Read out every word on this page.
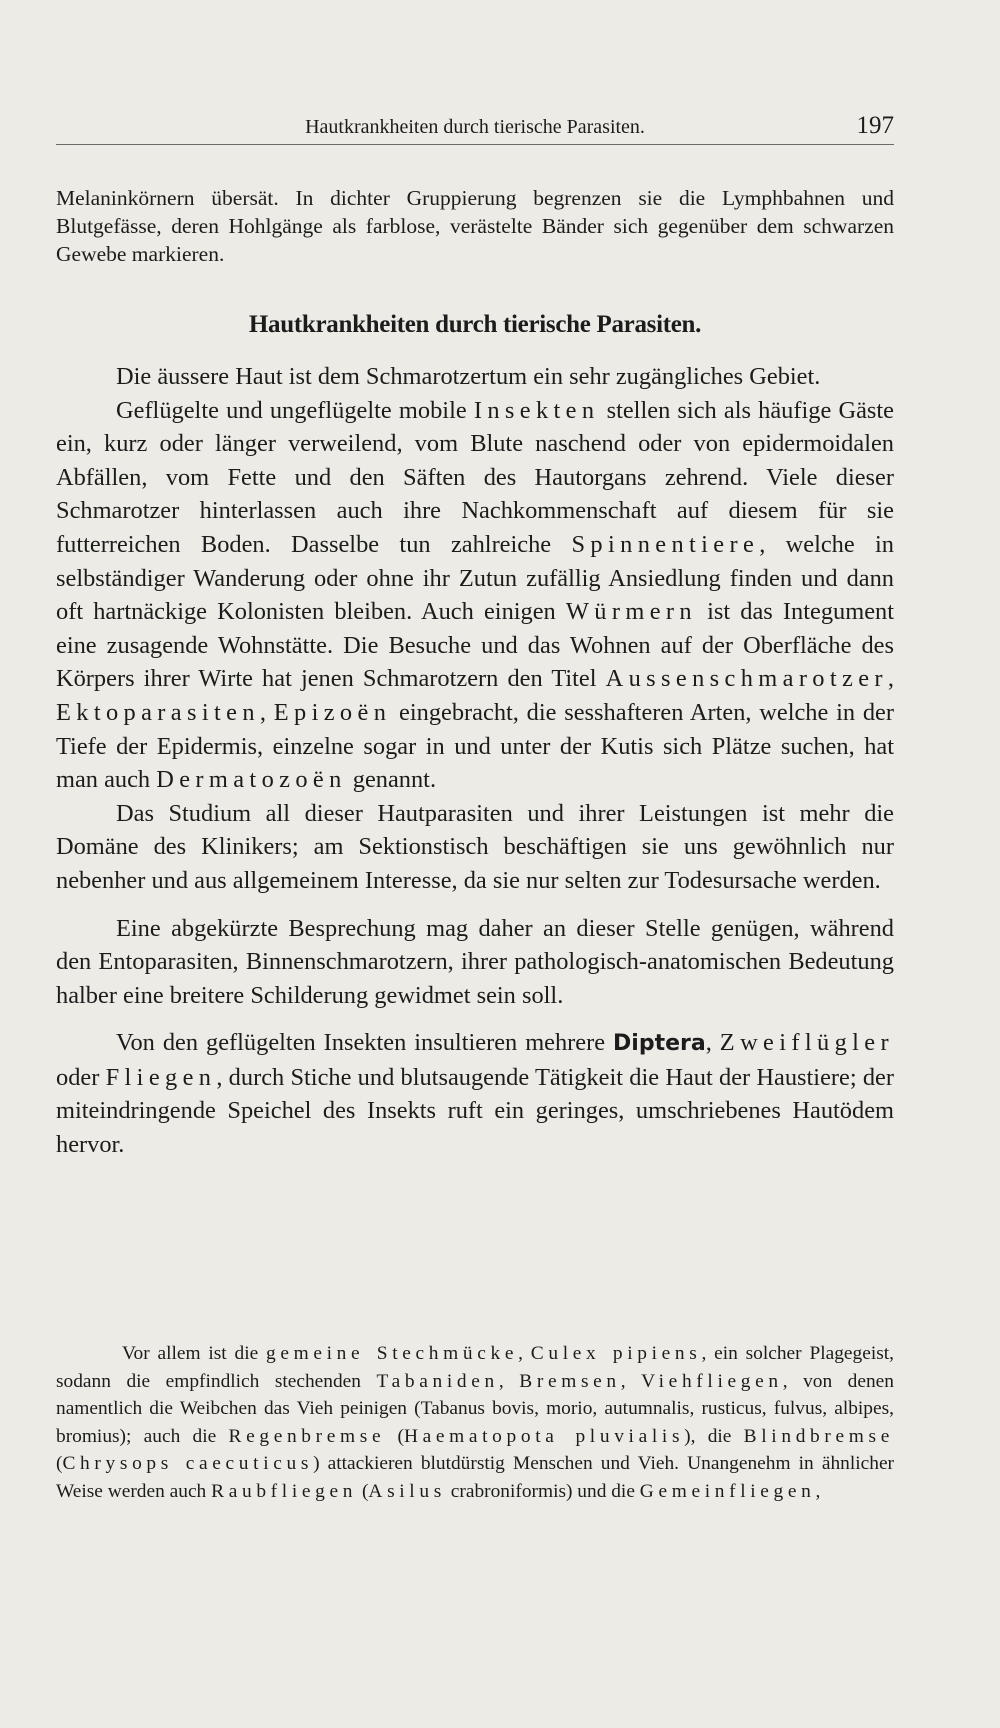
Hautkrankheiten durch tierische Parasiten.	197

Melaninkörnern übersät. In dichter Gruppierung begrenzen sie die Lymphbahnen und Blutgefässe, deren Hohlgänge als farblose, verästelte Bänder sich gegenüber dem schwarzen Gewebe markieren.

Hautkrankheiten durch tierische Parasiten.

Die äussere Haut ist dem Schmarotzertum ein sehr zugängliches Gebiet.

Geflügelte und ungeflügelte mobile Insekten stellen sich als häufige Gäste ein, kurz oder länger verweilend, vom Blute naschend oder von epidermoidalen Abfällen, vom Fette und den Säften des Hautorgans zehrend. Viele dieser Schmarotzer hinterlassen auch ihre Nachkommenschaft auf diesem für sie futterreichen Boden. Dasselbe tun zahlreiche Spinnentiere, welche in selbständiger Wanderung oder ohne ihr Zutun zufällig Ansiedlung finden und dann oft hartnäckige Kolonisten bleiben. Auch einigen Würmern ist das Integument eine zusagende Wohnstätte. Die Besuche und das Wohnen auf der Oberfläche des Körpers ihrer Wirte hat jenen Schmarotzern den Titel Aussenschmarotzer, Ektoparasiten, Epizoën eingebracht, die sesshafteren Arten, welche in der Tiefe der Epidermis, einzelne sogar in und unter der Kutis sich Plätze suchen, hat man auch Dermatozoën genannt.

Das Studium all dieser Hautparasiten und ihrer Leistungen ist mehr die Domäne des Klinikers; am Sektionstisch beschäftigen sie uns gewöhnlich nur nebenher und aus allgemeinem Interesse, da sie nur selten zur Todesursache werden.

Eine abgekürzte Besprechung mag daher an dieser Stelle genügen, während den Entoparasiten, Binnenschmarotzern, ihrer pathologisch-anatomischen Bedeutung halber eine breitere Schilderung gewidmet sein soll.

Von den geflügelten Insekten insultieren mehrere Diptera, Zweiflügler oder Fliegen, durch Stiche und blutsaugende Tätigkeit die Haut der Haustiere; der miteindringende Speichel des Insekts ruft ein geringes, umschriebenes Hautödem hervor.

Vor allem ist die gemeine Stechmücke, Culex pipiens, ein solcher Plagegeist, sodann die empfindlich stechenden Tabaniden, Bremsen, Viehfliegen, von denen namentlich die Weibchen das Vieh peinigen (Tabanus bovis, morio, autumnalis, rusticus, fulvus, albipes, bromius); auch die Regenbremse (Haematopota pluvialis), die Blindbremse (Chrysops caecuticus) attackieren blutdürstig Menschen und Vieh. Unangenehm in ähnlicher Weise werden auch Raubfliegen (Asilus crabroniformis) und die Gemeinfliegen,
